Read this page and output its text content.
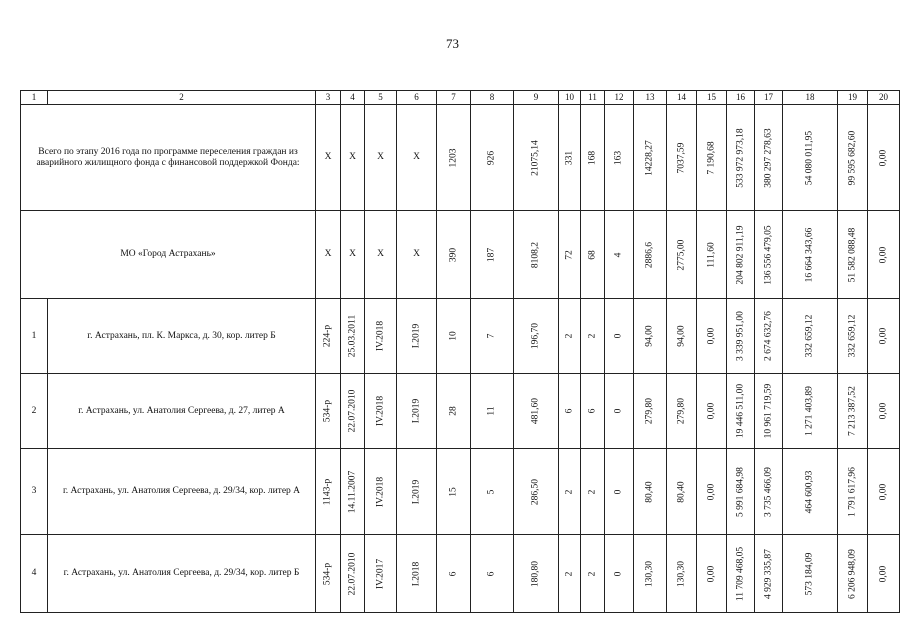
73
1	2	3	4	5	6	7	8	9	10	11	12	13	14	15	16	17	18	19	20
Всего по этапу 2016 года по программе переселения граждан из аварийного жилищного фонда с финансовой поддержкой Фонда:		Х	Х	Х	Х	1203	926	21075,14	331	168	163	14228,27	7037,59	7 190,68	533 972 973,18	380 297 278,63	54 080 011,95	99 595 682,60	0,00

МО «Город Астрахань»		Х	Х	Х	Х	390	187	8108,2	72	68	4	2886,6	2775,00	111,60	204 802 911,19	136 556 479,05	16 664 343,66	51 582 088,48	0,00

1	г. Астрахань, пл. К. Маркса, д. 30, кор. литер Б	224-р	25.03.2011	IV.2018	I.2019	10	7	196,70	2	2	0	94,00	94,00	0,00	3 339 951,00	2 674 632,76	332 659,12	332 659,12	0,00

2	г. Астрахань, ул. Анатолия Сергеева, д. 27, литер А	534-р	22.07.2010	IV.2018	I.2019	28	11	481,60	6	6	0	279,80	279,80	0,00	19 446 511,00	10 961 719,59	1 271 403,89	7 213 387,52	0,00

3	г. Астрахань, ул. Анатолия Сергеева, д. 29/34, кор. литер А	1143-р	14.11.2007	IV.2018	I.2019	15	5	286,50	2	2	0	80,40	80,40	0,00	5 991 684,98	3 735 466,09	464 600,93	1 791 617,96	0,00

4	г. Астрахань, ул. Анатолия Сергеева, д. 29/34, кор. литер Б	534-р	22.07.2010	IV.2017	I.2018	6	6	180,80	2	2	0	130,30	130,30	0,00	11 709 468,05	4 929 335,87	573 184,09	6 206 948,09	0,00
